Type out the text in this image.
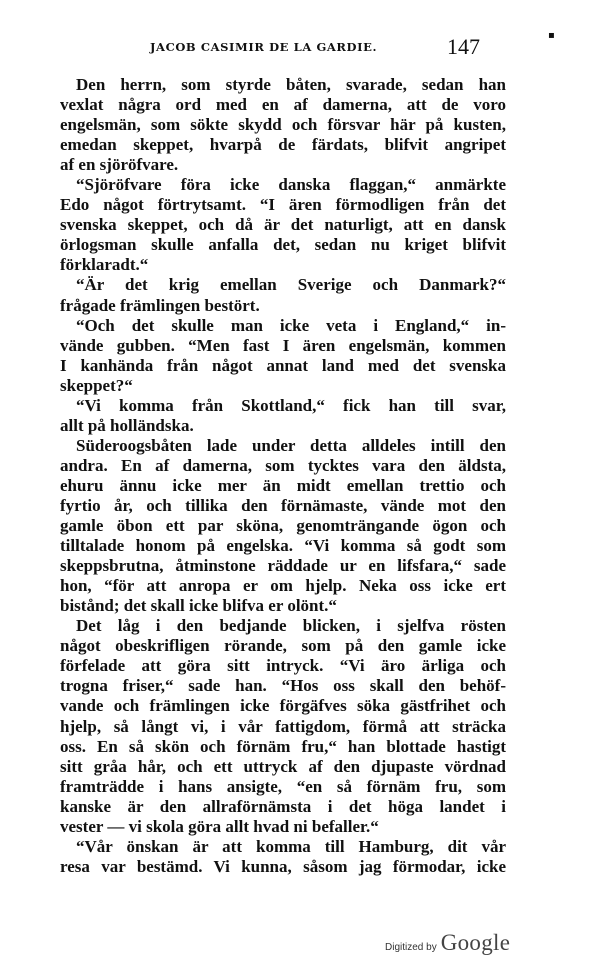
JACOB CASIMIR DE LA GARDIE.	147	▪
Den herrn, som styrde båten, svarade, sedan han
vexlat några ord med en af damerna, att de voro
engelsmän, som sökte skydd och försvar här på kusten,
emedan skeppet, hvarpå de färdats, blifvit angripet
af en sjöröfvare.
“Sjöröfvare föra icke danska flaggan,“ anmärkte
Edo något förtrytsamt. “I ären förmodligen från det
svenska skeppet, och då är det naturligt, att en dansk
örlogsman skulle anfalla det, sedan nu kriget blifvit
förklaradt.“
“Är det krig emellan Sverige och Danmark?“
frågade främlingen bestört.
“Och det skulle man icke veta i England,“ in-
vände gubben. “Men fast I ären engelsmän, kommen
I kanhända från något annat land med det svenska
skeppet?“
“Vi komma från Skottland,“ fick han till svar,
allt på holländska.
Süderoogsbåten lade under detta alldeles intill den
andra. En af damerna, som tycktes vara den äldsta,
ehuru ännu icke mer än midt emellan trettio och
fyrtio år, och tillika den förnämaste, vände mot den
gamle öbon ett par sköna, genomträngande ögon och
tilltalade honom på engelska. “Vi komma så godt som
skeppsbrutna, åtminstone räddade ur en lifsfara,“ sade
hon, “för att anropa er om hjelp. Neka oss icke ert
bistånd; det skall icke blifva er olönt.“
Det låg i den bedjande blicken, i sjelfva rösten
något obeskrifligen rörande, som på den gamle icke
förfelade att göra sitt intryck. “Vi äro ärliga och
trogna friser,“ sade han. “Hos oss skall den behöf-
vande och främlingen icke förgäfves söka gästfrihet och
hjelp, så långt vi, i vår fattigdom, förmå att sträcka
oss. En så skön och förnäm fru,“ han blottade hastigt
sitt gråa hår, och ett uttryck af den djupaste vördnad
framträdde i hans ansigte, “en så förnäm fru, som
kanske är den allraförnämsta i det höga landet i
vester — vi skola göra allt hvad ni befaller.“
“Vår önskan är att komma till Hamburg, dit vår
resa var bestämd. Vi kunna, såsom jag förmodar, icke
Digitized by Google
